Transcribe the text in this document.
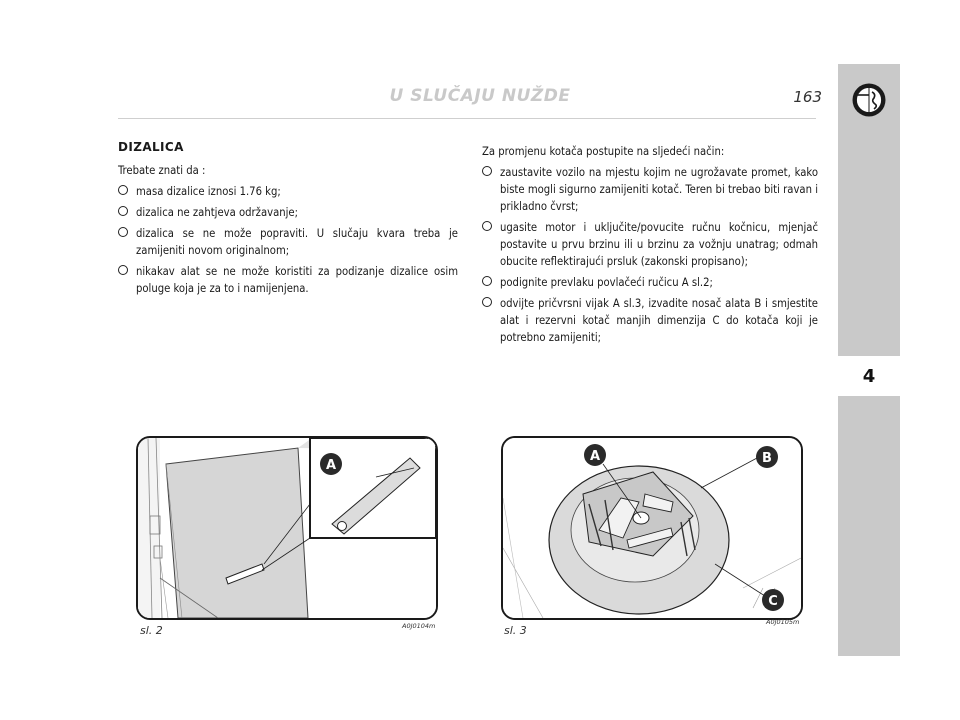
U SLUČAJU NUŽDE	163
4
DIZALICA

Trebate znati da :

masa dizalice iznosi 1.76 kg;
dizalica ne zahtjeva održavanje;
dizalica se ne može popraviti. U slučaju kvara treba je zamijeniti novom originalnom;
nikakav alat se ne može koristiti za podizanje dizalice osim poluge koja je za to i namijenjena.

Za promjenu kotača postupite na sljedeći način:

zaustavite vozilo na mjestu kojim ne ugrožavate promet, kako biste mogli sigurno zamijeniti kotač. Teren bi trebao biti ravan i prikladno čvrst;
ugasite motor i uključite/povucite ručnu kočnicu, mjenjač postavite u prvu brzinu ili u brzinu za vožnju unatrag; odmah obucite reflektirajući prsluk (zakonski propisano);
podignite prevlaku povlačeći ručicu A sl.2;
odvijte pričvrsni vijak A sl.3, izvadite nosač alata B i smjestite alat i rezervni kotač manjih dimenzija C do kotača koji je potrebno zamijeniti;
A
sl. 2	A0J0104m
A	B
C
sl. 3
A0J0105m
